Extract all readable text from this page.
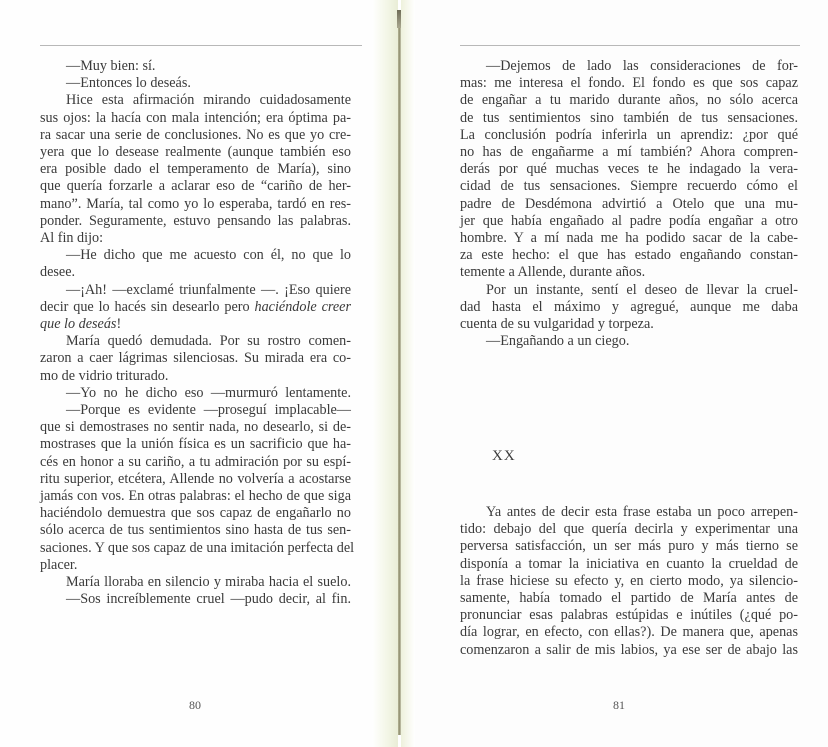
—Muy bien: sí.
—Entonces lo deseás.
Hice esta afirmación mirando cuidadosamente
sus ojos: la hacía con mala intención; era óptima pa-
ra sacar una serie de conclusiones. No es que yo cre-
yera que lo desease realmente (aunque también eso
era posible dado el temperamento de María), sino
que quería forzarle a aclarar eso de “cariño de her-
mano”. María, tal como yo lo esperaba, tardó en res-
ponder. Seguramente, estuvo pensando las palabras.
Al fin dijo:
—He dicho que me acuesto con él, no que lo
desee.
—¡Ah! —exclamé triunfalmente —. ¡Eso quiere
decir que lo hacés sin desearlo pero haciéndole creer
que lo deseás!
María quedó demudada. Por su rostro comen-
zaron a caer lágrimas silenciosas. Su mirada era co-
mo de vidrio triturado.
—Yo no he dicho eso —murmuró lentamente.
—Porque es evidente —proseguí implacable—
que si demostrases no sentir nada, no desearlo, si de-
mostrases que la unión física es un sacrificio que ha-
cés en honor a su cariño, a tu admiración por su espí-
ritu superior, etcétera, Allende no volvería a acostarse
jamás con vos. En otras palabras: el hecho de que siga
haciéndolo demuestra que sos capaz de engañarlo no
sólo acerca de tus sentimientos sino hasta de tus sen-
saciones. Y que sos capaz de una imitación perfecta del
placer.
María lloraba en silencio y miraba hacia el suelo.
—Sos increíblemente cruel —pudo decir, al fin.
—Dejemos de lado las consideraciones de for-
mas: me interesa el fondo. El fondo es que sos capaz
de engañar a tu marido durante años, no sólo acerca
de tus sentimientos sino también de tus sensaciones.
La conclusión podría inferirla un aprendiz: ¿por qué
no has de engañarme a mí también? Ahora compren-
derás por qué muchas veces te he indagado la vera-
cidad de tus sensaciones. Siempre recuerdo cómo el
padre de Desdémona advirtió a Otelo que una mu-
jer que había engañado al padre podía engañar a otro
hombre. Y a mí nada me ha podido sacar de la cabe-
za este hecho: el que has estado engañando constan-
temente a Allende, durante años.
Por un instante, sentí el deseo de llevar la cruel-
dad hasta el máximo y agregué, aunque me daba
cuenta de su vulgaridad y torpeza.
—Engañando a un ciego.
XX
Ya antes de decir esta frase estaba un poco arrepen-
tido: debajo del que quería decirla y experimentar una
perversa satisfacción, un ser más puro y más tierno se
disponía a tomar la iniciativa en cuanto la crueldad de
la frase hiciese su efecto y, en cierto modo, ya silencio-
samente, había tomado el partido de María antes de
pronunciar esas palabras estúpidas e inútiles (¿qué po-
día lograr, en efecto, con ellas?). De manera que, apenas
comenzaron a salir de mis labios, ya ese ser de abajo las
80	81
